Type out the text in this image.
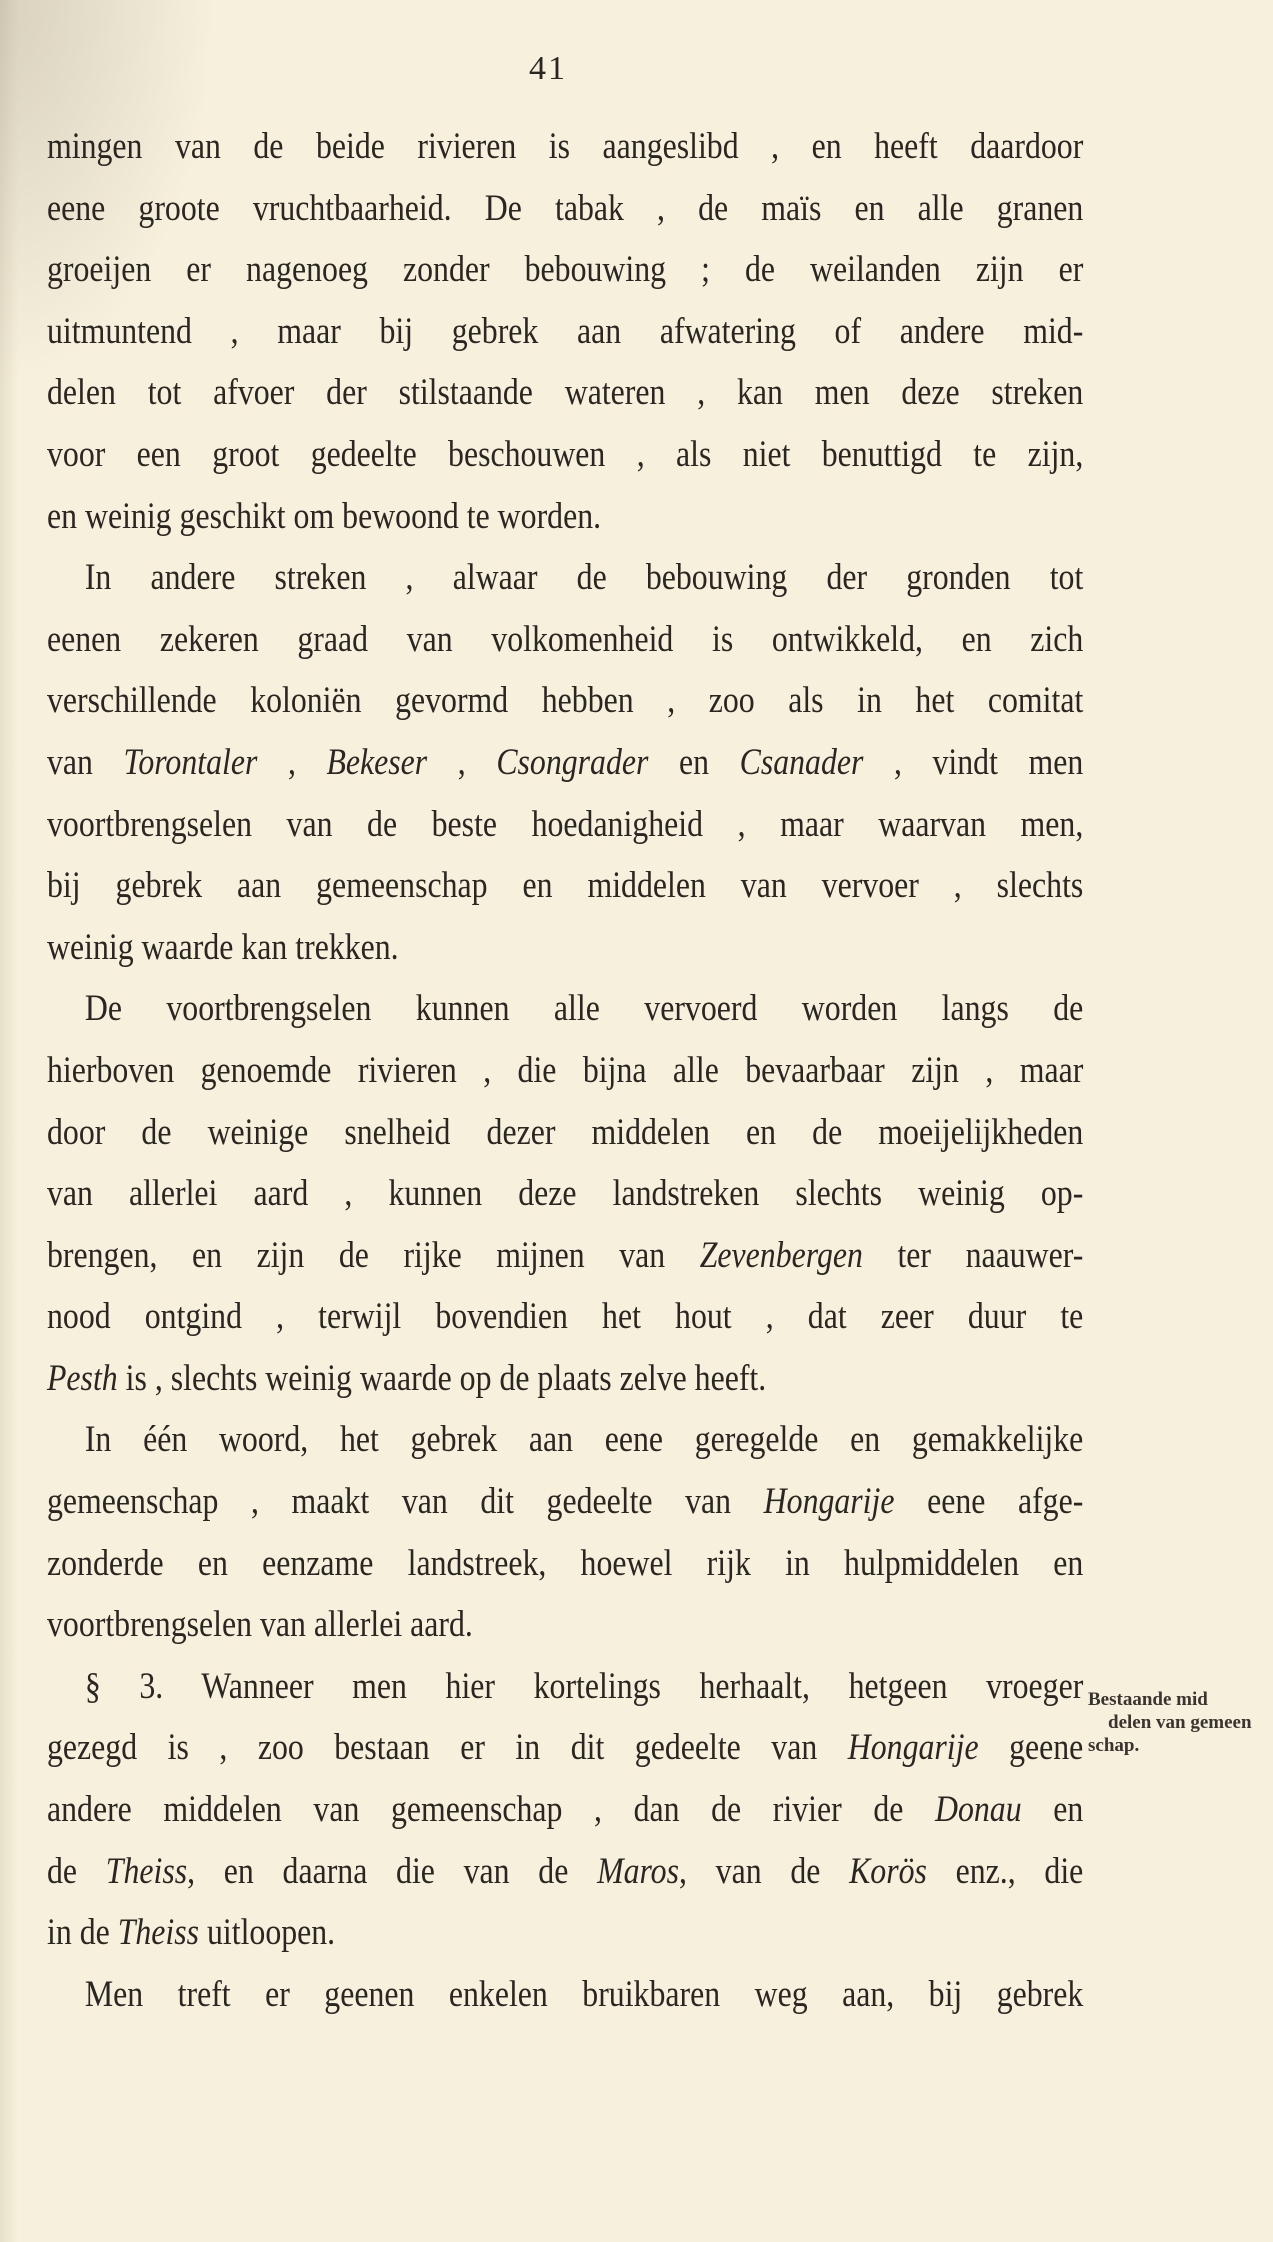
41
mingen van de beide rivieren is aangeslibd , en heeft daardoor
eene groote vruchtbaarheid. De tabak , de maïs en alle granen
groeijen er nagenoeg zonder bebouwing ; de weilanden zijn er
uitmuntend , maar bij gebrek aan afwatering of andere mid-
delen tot afvoer der stilstaande wateren , kan men deze streken
voor een groot gedeelte beschouwen , als niet benuttigd te zijn,
en weinig geschikt om bewoond te worden.
In andere streken , alwaar de bebouwing der gronden tot
eenen zekeren graad van volkomenheid is ontwikkeld, en zich
verschillende koloniën gevormd hebben , zoo als in het comitat
van Torontaler , Bekeser , Csongrader en Csanader , vindt men
voortbrengselen van de beste hoedanigheid , maar waarvan men,
bij gebrek aan gemeenschap en middelen van vervoer , slechts
weinig waarde kan trekken.
De voortbrengselen kunnen alle vervoerd worden langs de
hierboven genoemde rivieren , die bijna alle bevaarbaar zijn , maar
door de weinige snelheid dezer middelen en de moeijelijkheden
van allerlei aard , kunnen deze landstreken slechts weinig op-
brengen, en zijn de rijke mijnen van Zevenbergen ter naauwer-
nood ontgind , terwijl bovendien het hout , dat zeer duur te
Pesth is , slechts weinig waarde op de plaats zelve heeft.
In één woord, het gebrek aan eene geregelde en gemakkelijke
gemeenschap , maakt van dit gedeelte van Hongarije eene afge-
zonderde en eenzame landstreek, hoewel rijk in hulpmiddelen en
voortbrengselen van allerlei aard.
§ 3. Wanneer men hier kortelings herhaalt, hetgeen vroeger
gezegd is , zoo bestaan er in dit gedeelte van Hongarije geene
andere middelen van gemeenschap , dan de rivier de Donau en
de Theiss, en daarna die van de Maros, van de Korös enz., die
in de Theiss uitloopen.
Men treft er geenen enkelen bruikbaren weg aan, bij gebrek
Bestaande mid
delen van gemeen
schap.
